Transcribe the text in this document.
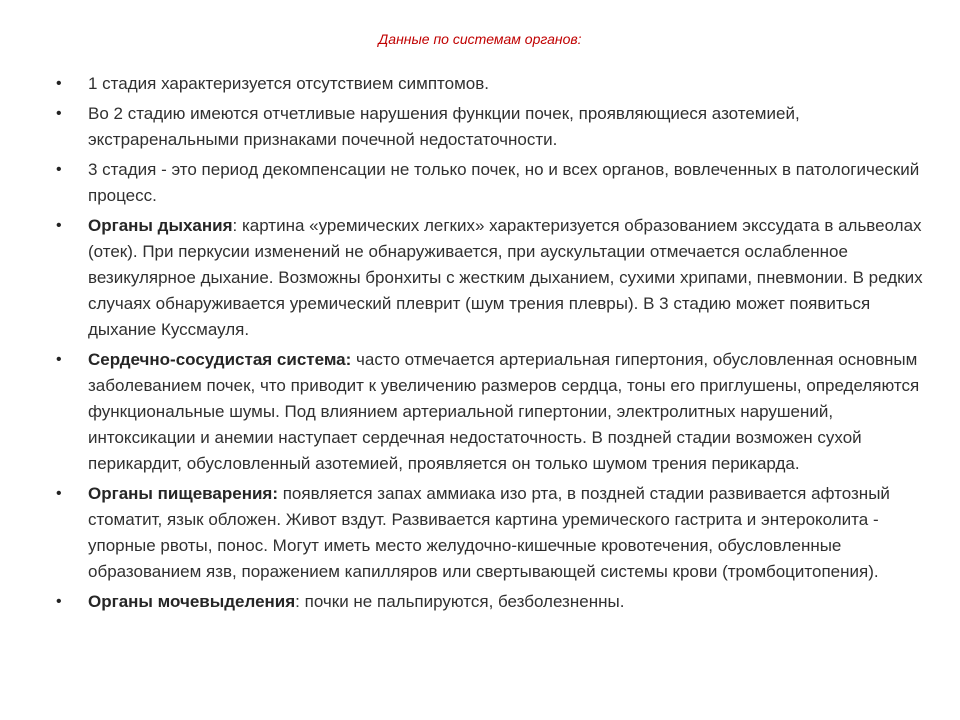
Данные по системам органов:
•	1 стадия характеризуется отсутствием симптомов.
•	Во 2 стадию имеются отчетливые нарушения функции почек, проявляющиеся азотемией, экстраренальными признаками почечной недостаточности.
•	3 стадия - это период декомпенсации не только почек, но и всех органов, вовлеченных в патологический процесс.
•	Органы дыхания: картина «уремических легких» характеризуется образованием экссудата в альвеолах (отек). При перкусии изменений не обнаруживается, при аускультации отмечается ослабленное везикулярное дыхание. Возможны бронхиты с жестким дыханием, сухими хрипами, пневмонии. В редких случаях обнаруживается уремический плеврит (шум трения плевры). В 3 стадию может появиться дыхание Куссмауля.
•	Сердечно-сосудистая система: часто отмечается артериальная гипертония, обусловленная основным заболеванием почек, что приводит к увеличению размеров сердца, тоны его приглушены, определяются функциональные шумы. Под влиянием артериальной гипертонии, электролитных нарушений, интоксикации и анемии наступает сердечная недостаточность. В поздней стадии возможен сухой перикардит, обусловленный азотемией, проявляется он только шумом трения перикарда.
•	Органы пищеварения: появляется запах аммиака изо рта, в поздней стадии развивается афтозный стоматит, язык обложен. Живот вздут. Развивается картина уремического гастрита и энтероколита - упорные рвоты, понос. Могут иметь место желудочно-кишечные кровотечения, обусловленные образованием язв, поражением капилляров или свертывающей системы крови (тромбоцитопения).
•	Органы мочевыделения: почки не пальпируются, безболезненны.
